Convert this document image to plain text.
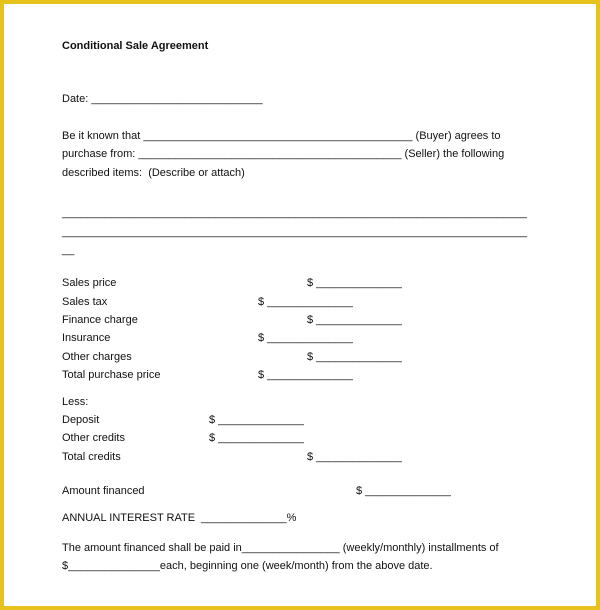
Conditional Sale Agreement
Date: ____________________________
Be it known that ____________________________________________ (Buyer) agrees to
purchase from: ___________________________________________ (Seller) the following
described items:  (Describe or attach)
____________________________________________________________________________
____________________________________________________________________________
__
Sales price	$ ______________
Sales tax	$ ______________
Finance charge	$ ______________
Insurance	$ ______________
Other charges	$ ______________
Total purchase price	$ ______________
Less:
Deposit	$ ______________
Other credits	$ ______________
Total credits	$ ______________
Amount financed	$ ______________
ANNUAL INTEREST RATE ______________%
The amount financed shall be paid in________________ (weekly/monthly) installments of
$_______________each, beginning one (week/month) from the above date.
